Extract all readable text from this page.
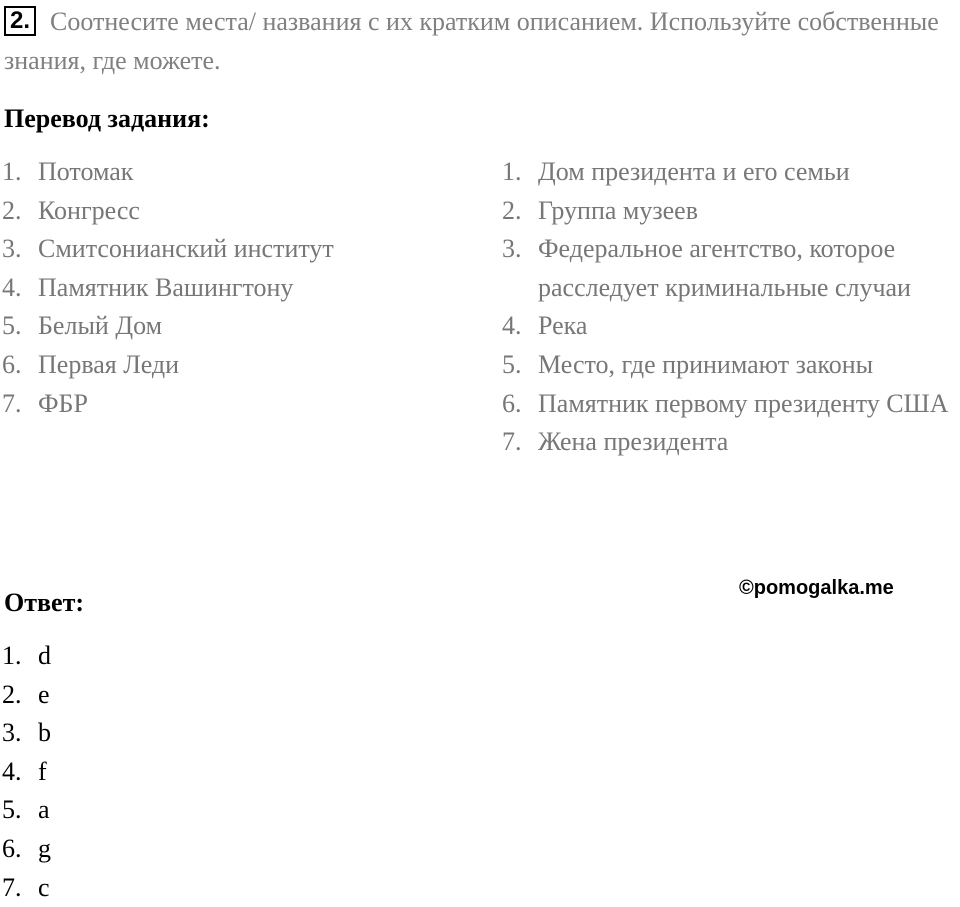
2. Соотнесите места/ названия с их кратким описанием. Используйте собственные знания, где можете.
Перевод задания:
1. Потомак
2. Конгресс
3. Смитсонианский институт
4. Памятник Вашингтону
5. Белый Дом
6. Первая Леди
7. ФБР
1. Дом президента и его семьи
2. Группа музеев
3. Федеральное агентство, которое расследует криминальные случаи
4. Река
5. Место, где принимают законы
6. Памятник первому президенту США
7. Жена президента
Ответ:	©pomogalka.me
1. d
2. e
3. b
4. f
5. a
6. g
7. c
